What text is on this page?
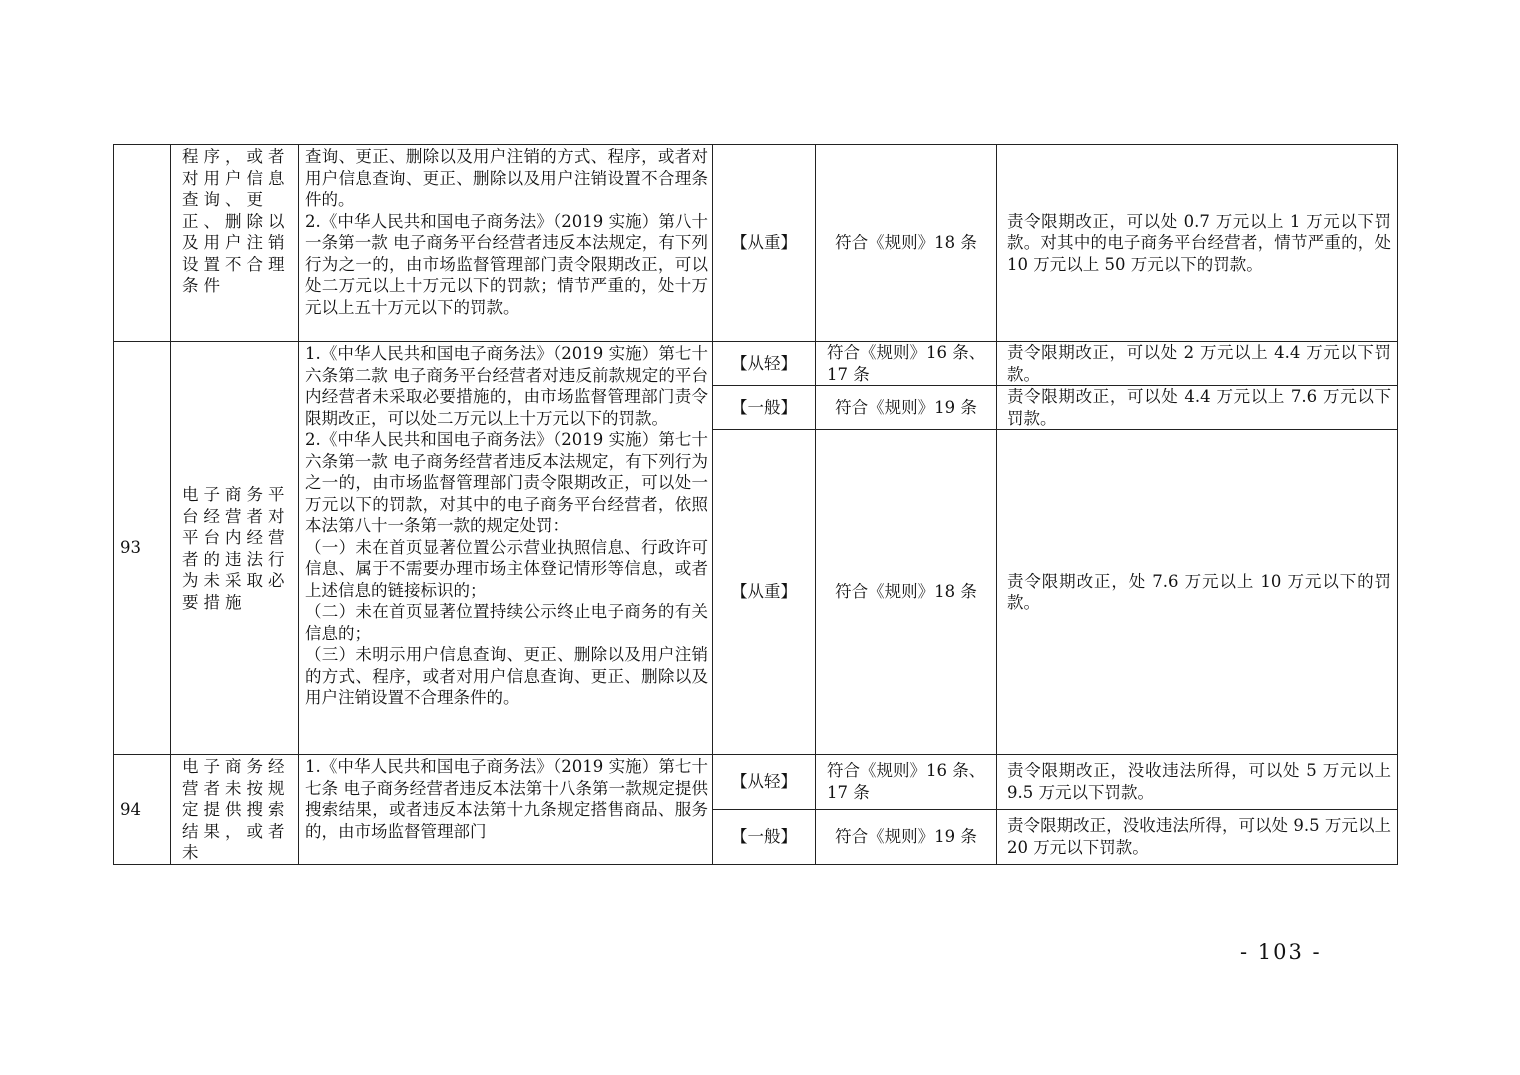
	程序，或者对用户信息查询、更正、删除以及用户注销设置不合理条件	查询、更正、删除以及用户注销的方式、程序，或者对用户信息查询、更正、删除以及用户注销设置不合理条件的。
2.《中华人民共和国电子商务法》（2019 实施）第八十一条第一款 电子商务平台经营者违反本法规定，有下列行为之一的，由市场监督管理部门责令限期改正，可以处二万元以上十万元以下的罚款；情节严重的，处十万元以上五十万元以下的罚款。	【从重】	符合《规则》18 条	责令限期改正，可以处 0.7 万元以上 1 万元以下罚款。对其中的电子商务平台经营者，情节严重的，处 10 万元以上 50 万元以下的罚款。
93	电子商务平台经营者对平台内经营者的违法行为未采取必要措施	1.《中华人民共和国电子商务法》（2019 实施）第七十六条第二款 电子商务平台经营者对违反前款规定的平台内经营者未采取必要措施的，由市场监督管理部门责令限期改正，可以处二万元以上十万元以下的罚款。
2.《中华人民共和国电子商务法》（2019 实施）第七十六条第一款 电子商务经营者违反本法规定，有下列行为之一的，由市场监督管理部门责令限期改正，可以处一万元以下的罚款，对其中的电子商务平台经营者，依照本法第八十一条第一款的规定处罚：
（一）未在首页显著位置公示营业执照信息、行政许可信息、属于不需要办理市场主体登记情形等信息，或者上述信息的链接标识的；
（二）未在首页显著位置持续公示终止电子商务的有关信息的；
（三）未明示用户信息查询、更正、删除以及用户注销的方式、程序，或者对用户信息查询、更正、删除以及用户注销设置不合理条件的。	【从轻】	符合《规则》16 条、17 条	责令限期改正，可以处 2 万元以上 4.4 万元以下罚款。
			【一般】	符合《规则》19 条	责令限期改正，可以处 4.4 万元以上 7.6 万元以下罚款。
			【从重】	符合《规则》18 条	责令限期改正，处 7.6 万元以上 10 万元以下的罚款。
94	电子商务经营者未按规定提供搜索结果，或者未	1.《中华人民共和国电子商务法》（2019 实施）第七十七条 电子商务经营者违反本法第十八条第一款规定提供搜索结果，或者违反本法第十九条规定搭售商品、服务的，由市场监督管理部门	【从轻】	符合《规则》16 条、17 条	责令限期改正，没收违法所得，可以处 5 万元以上 9.5 万元以下罚款。
			【一般】	符合《规则》19 条	责令限期改正，没收违法所得，可以处 9.5 万元以上 20 万元以下罚款。
- 103 -
